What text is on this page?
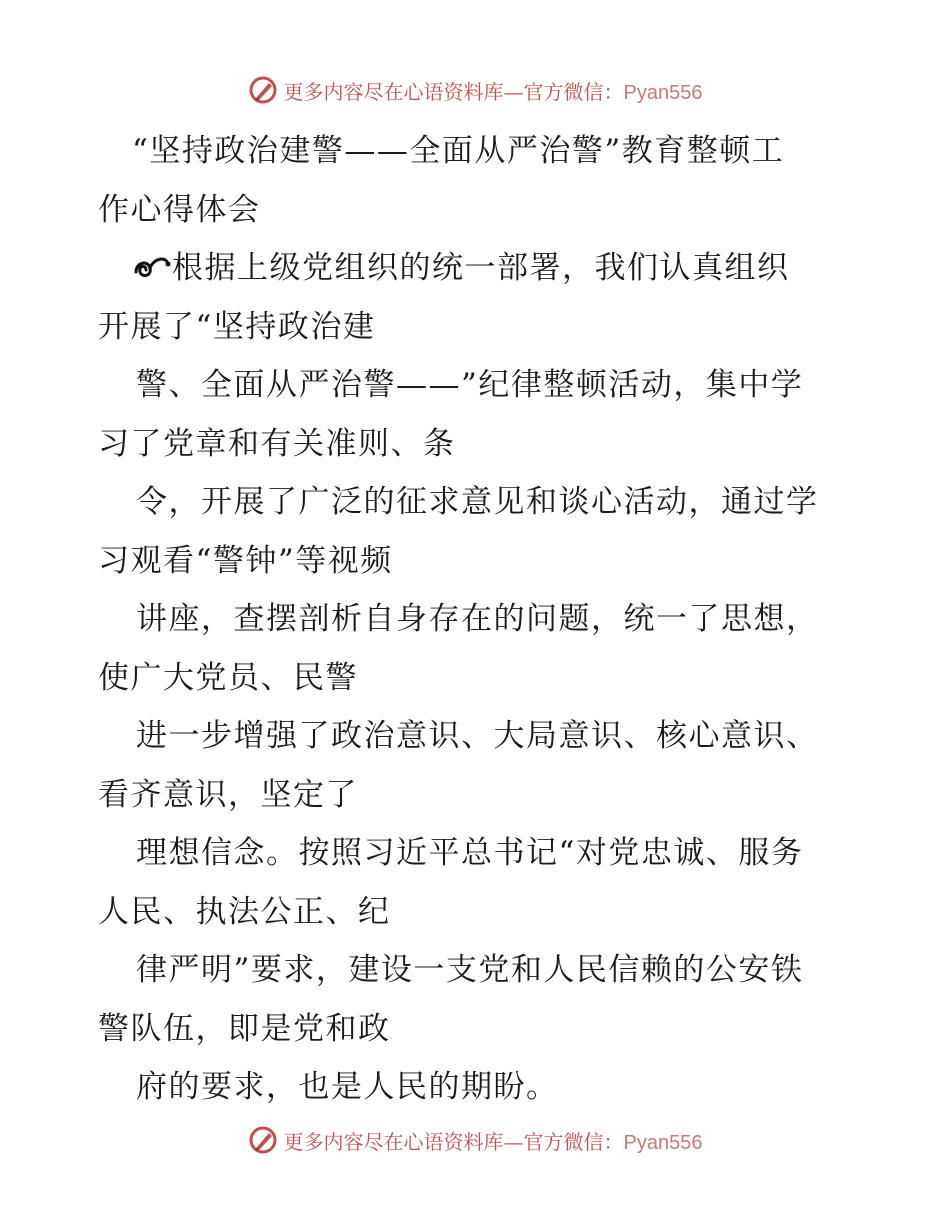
更多内容尽在心语资料库—官方微信：Pyan556
“坚持政治建警——全面从严治警”教育整顿工
作心得体会
根据上级党组织的统一部署，我们认真组织
开展了“坚持政治建
警、全面从严治警——”纪律整顿活动，集中学
习了党章和有关准则、条
令，开展了广泛的征求意见和谈心活动，通过学
习观看“警钟”等视频
讲座，查摆剖析自身存在的问题，统一了思想，
使广大党员、民警
进一步增强了政治意识、大局意识、核心意识、
看齐意识，坚定了
理想信念。按照习近平总书记“对党忠诚、服务
人民、执法公正、纪
律严明”要求，建设一支党和人民信赖的公安铁
警队伍，即是党和政
府的要求，也是人民的期盼。
更多内容尽在心语资料库—官方微信：Pyan556
